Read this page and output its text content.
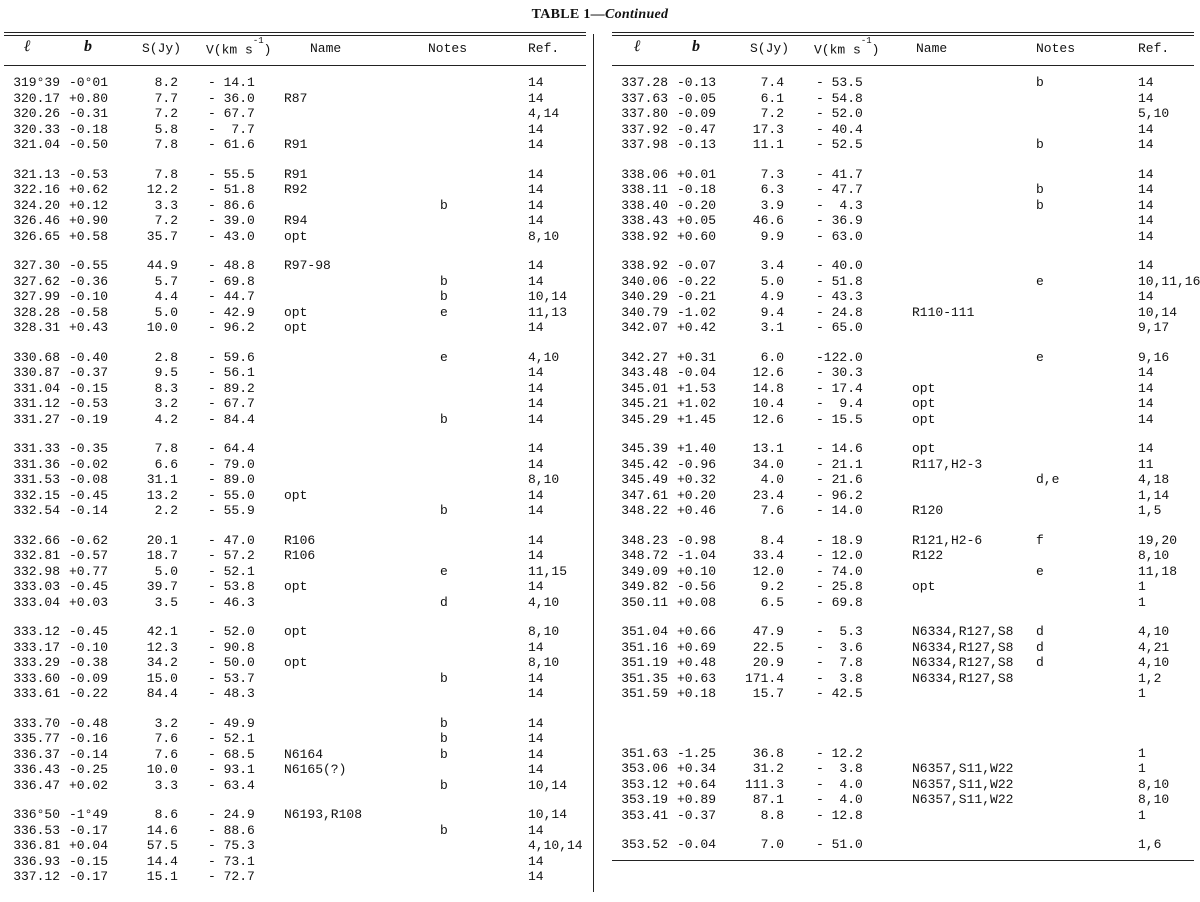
TABLE 1—Continued
ℓ	b	S(Jy) V(km $s^{-1}$)	Name	Notes	Ref.
319°39 -0°01	8.2 - 14.1	14
320.17 +0.80	7.7 - 36.0 R87	14
320.26 -0.31	7.2 - 67.7	4,14
320.33 -0.18	5.8 -  7.7	14
321.04 -0.50	7.8 - 61.6 R91	14
321.13 -0.53	7.8 - 55.5 R91	14
322.16 +0.62	12.2 - 51.8 R92	14
324.20 +0.12	3.3 - 86.6	b	14
326.46 +0.90	7.2 - 39.0 R94	14
326.65 +0.58	35.7 - 43.0 opt	8,10
327.30 -0.55	44.9 - 48.8 R97-98	14
327.62 -0.36	5.7 - 69.8	b	14
327.99 -0.10	4.4 - 44.7	b	10,14
328.28 -0.58	5.0 - 42.9 opt	e	11,13
328.31 +0.43	10.0 - 96.2 opt	14
330.68 -0.40	2.8 - 59.6	e	4,10
330.87 -0.37	9.5 - 56.1	14
331.04 -0.15	8.3 - 89.2	14
331.12 -0.53	3.2 - 67.7	14
331.27 -0.19	4.2 - 84.4	b	14
331.33 -0.35	7.8 - 64.4	14
331.36 -0.02	6.6 - 79.0	14
331.53 -0.08	31.1 - 89.0	8,10
332.15 -0.45	13.2 - 55.0 opt	14
332.54 -0.14	2.2 - 55.9	b	14
332.66 -0.62	20.1 - 47.0 R106	14
332.81 -0.57	18.7 - 57.2 R106	14
332.98 +0.77	5.0 - 52.1	e	11,15
333.03 -0.45	39.7 - 53.8 opt	14
333.04 +0.03	3.5 - 46.3	d	4,10
333.12 -0.45	42.1 - 52.0 opt	8,10
333.17 -0.10	12.3 - 90.8	14
333.29 -0.38	34.2 - 50.0 opt	8,10
333.60 -0.09	15.0 - 53.7	b	14
333.61 -0.22	84.4 - 48.3	14
333.70 -0.48	3.2 - 49.9	b	14
335.77 -0.16	7.6 - 52.1	b	14
336.37 -0.14	7.6 - 68.5 N6164	b	14
336.43 -0.25	10.0 - 93.1 N6165(?)	14
336.47 +0.02	3.3 - 63.4	b	10,14
336°50 -1°49	8.6 - 24.9 N6193,R108	10,14
336.53 -0.17	14.6 - 88.6	b	14
336.81 +0.04	57.5 - 75.3	4,10,14
336.93 -0.15	14.4 - 73.1	14
337.12 -0.17	15.1 - 72.7	14
ℓ	b	S(Jy) V(km $s^{-1}$)	Name	Notes	Ref.
337.28 -0.13	7.4 - 53.5	b	14
337.63 -0.05	6.1 - 54.8	14
337.80 -0.09	7.2 - 52.0	5,10
337.92 -0.47	17.3 - 40.4	14
337.98 -0.13	11.1 - 52.5	b	14
338.06 +0.01	7.3 - 41.7	14
338.11 -0.18	6.3 - 47.7	b	14
338.40 -0.20	3.9 -  4.3	b	14
338.43 +0.05	46.6 - 36.9	14
338.92 +0.60	9.9 - 63.0	14
338.92 -0.07	3.4 - 40.0	14
340.06 -0.22	5.0 - 51.8	e	10,11,16
340.29 -0.21	4.9 - 43.3	14
340.79 -1.02	9.4 - 24.8	R110-111	10,14
342.07 +0.42	3.1 - 65.0	9,17
342.27 +0.31	6.0 -122.0	e	9,16
343.48 -0.04	12.6 - 30.3	14
345.01 +1.53	14.8 - 17.4	opt	14
345.21 +1.02	10.4 -  9.4	opt	14
345.29 +1.45	12.6 - 15.5	opt	14
345.39 +1.40	13.1 - 14.6	opt	14
345.42 -0.96	34.0 - 21.1	R117,H2-3	11
345.49 +0.32	4.0 - 21.6	d,e	4,18
347.61 +0.20	23.4 - 96.2	1,14
348.22 +0.46	7.6 - 14.0	R120	1,5
348.23 -0.98	8.4 - 18.9	R121,H2-6	f	19,20
348.72 -1.04	33.4 - 12.0	R122	8,10
349.09 +0.10	12.0 - 74.0	e	11,18
349.82 -0.56	9.2 - 25.8	opt	1
350.11 +0.08	6.5 - 69.8	1
351.04 +0.66	47.9 -  5.3	N6334,R127,S8 d	4,10
351.16 +0.69	22.5 -  3.6	N6334,R127,S8 d	4,21
351.19 +0.48	20.9 -  7.8	N6334,R127,S8 d	4,10
351.35 +0.63	171.4 -  3.8	N6334,R127,S8	1,2
351.59 +0.18	15.7 - 42.5	1
351.63 -1.25	36.8 - 12.2	1
353.06 +0.34	31.2 -  3.8	N6357,S11,W22	1
353.12 +0.64	111.3 -  4.0	N6357,S11,W22	8,10
353.19 +0.89	87.1 -  4.0	N6357,S11,W22	8,10
353.41 -0.37	8.8 - 12.8	1
353.52 -0.04	7.0 - 51.0	1,6
